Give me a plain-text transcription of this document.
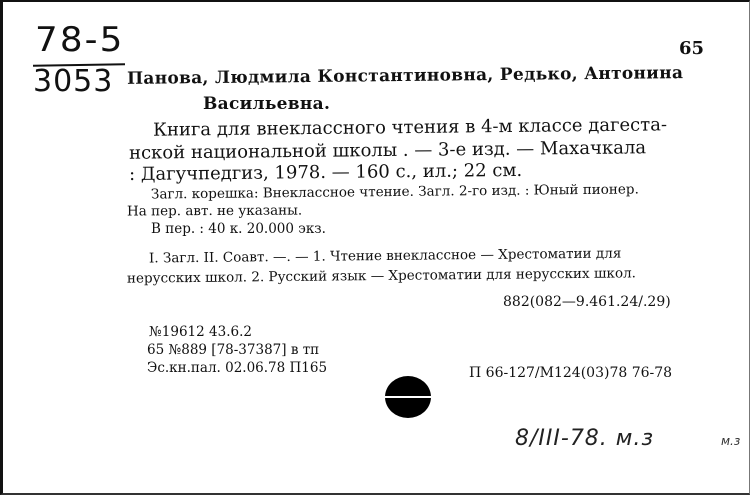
78-5
3053
65
Панова, Людмила Константиновна, Редько, Антонина
Васильевна.
Книга для внеклассного чтения в 4-м классе дагеста-
нской национальной школы . — 3-е изд. — Махачкала
: Дагучпедгиз, 1978. — 160 с., ил.; 22 см.
Загл. корешка: Внеклассное чтение. Загл. 2-го изд. : Юный пионер.
На пер. авт. не указаны.
В пер. : 40 к. 20.000 экз.
I. Загл. II. Соавт. —. — 1. Чтение внеклассное — Хрестоматии для
нерусских школ. 2. Русский язык — Хрестоматии для нерусских школ.
882(082—9.461.24/.29)
№19612 43.6.2
65 №889 [78-37387] в тп
Эс.кн.пал. 02.06.78 П165	П 66-127/М124(03)78 76-78
8/III-78. м.з	м.з
